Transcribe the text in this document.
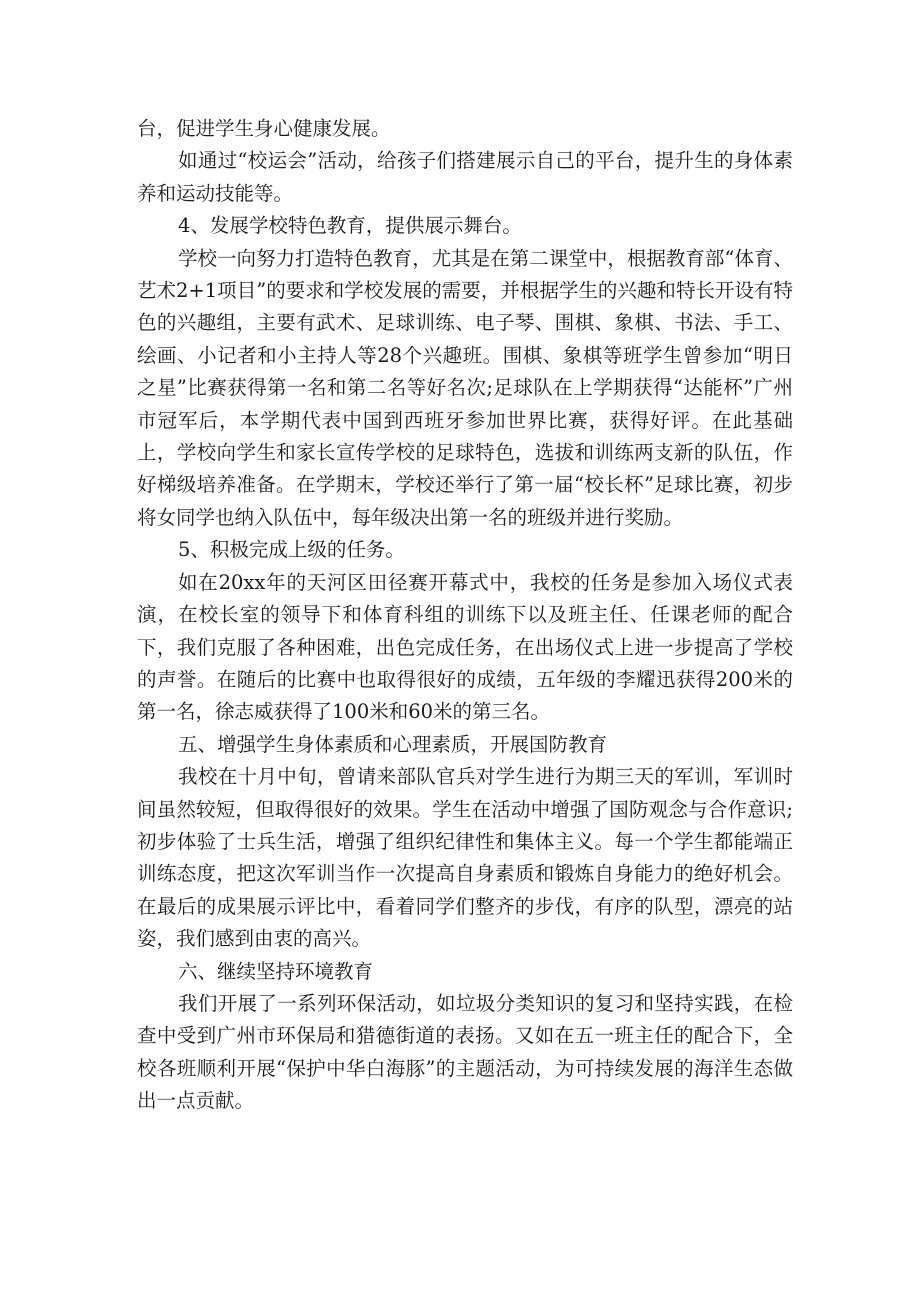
台，促进学生身心健康发展。

如通过“校运会”活动，给孩子们搭建展示自己的平台，提升生的身体素养和运动技能等。

4、发展学校特色教育，提供展示舞台。

学校一向努力打造特色教育，尤其是在第二课堂中，根据教育部“体育、艺术2+1项目”的要求和学校发展的需要，并根据学生的兴趣和特长开设有特色的兴趣组，主要有武术、足球训练、电子琴、围棋、象棋、书法、手工、绘画、小记者和小主持人等28个兴趣班。围棋、象棋等班学生曾参加“明日之星”比赛获得第一名和第二名等好名次;足球队在上学期获得“达能杯”广州市冠军后，本学期代表中国到西班牙参加世界比赛，获得好评。在此基础上，学校向学生和家长宣传学校的足球特色，选拔和训练两支新的队伍，作好梯级培养准备。在学期末，学校还举行了第一届“校长杯”足球比赛，初步将女同学也纳入队伍中，每年级决出第一名的班级并进行奖励。

5、积极完成上级的任务。

如在20xx年的天河区田径赛开幕式中，我校的任务是参加入场仪式表演，在校长室的领导下和体育科组的训练下以及班主任、任课老师的配合下，我们克服了各种困难，出色完成任务，在出场仪式上进一步提高了学校的声誉。在随后的比赛中也取得很好的成绩，五年级的李耀迅获得200米的第一名，徐志威获得了100米和60米的第三名。

五、增强学生身体素质和心理素质，开展国防教育

我校在十月中旬，曾请来部队官兵对学生进行为期三天的军训，军训时间虽然较短，但取得很好的效果。学生在活动中增强了国防观念与合作意识;初步体验了士兵生活，增强了组织纪律性和集体主义。每一个学生都能端正训练态度，把这次军训当作一次提高自身素质和锻炼自身能力的绝好机会。在最后的成果展示评比中，看着同学们整齐的步伐，有序的队型，漂亮的站姿，我们感到由衷的高兴。

六、继续坚持环境教育

我们开展了一系列环保活动，如垃圾分类知识的复习和坚持实践，在检查中受到广州市环保局和猎德街道的表扬。又如在五一班主任的配合下，全校各班顺利开展“保护中华白海豚”的主题活动，为可持续发展的海洋生态做出一点贡献。
